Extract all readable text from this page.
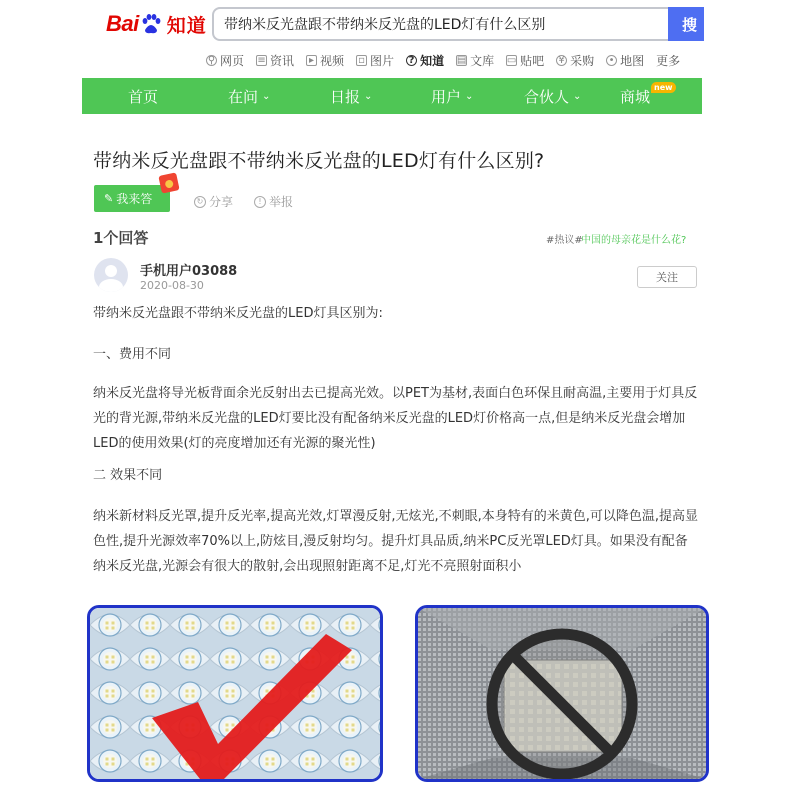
Bai 知道
带纳米反光盘跟不带纳米反光盘的LED灯有什么区别	搜
⚲ 网页 ≡ 资讯 ▸ 视频 ▫ 图片 ? 知道 ▤ 文库 ▭ 贴吧 ¥ 采购 • 地图 更多
首页	在问 ⌄	日报 ⌄	用户 ⌄	合伙人 ⌄	商城 new
带纳米反光盘跟不带纳米反光盘的LED灯有什么区别?
✎ 我来答	↻ 分享	! 举报
1个回答	#热议#
中国的母亲花是什么花?
手机用户03088
2020-08-30
关注
带纳米反光盘跟不带纳米反光盘的LED灯具区别为:
一、费用不同
纳米反光盘将导光板背面余光反射出去已提高光效。以PET为基材,表面白色环保且耐高温,主要用于灯具反光的背光源,带纳米反光盘的LED灯要比没有配备纳米反光盘的LED灯价格高一点,但是纳米反光盘会增加LED的使用效果(灯的亮度增加还有光源的聚光性)
二 效果不同
纳米新材料反光罩,提升反光率,提高光效,灯罩漫反射,无炫光,不刺眼,本身特有的米黄色,可以降色温,提高显色性,提升光源效率70%以上,防炫目,漫反射均匀。提升灯具品质,纳米PC反光罩LED灯具。如果没有配备纳米反光盘,光源会有很大的散射,会出现照射距离不足,灯光不亮照射面积小
